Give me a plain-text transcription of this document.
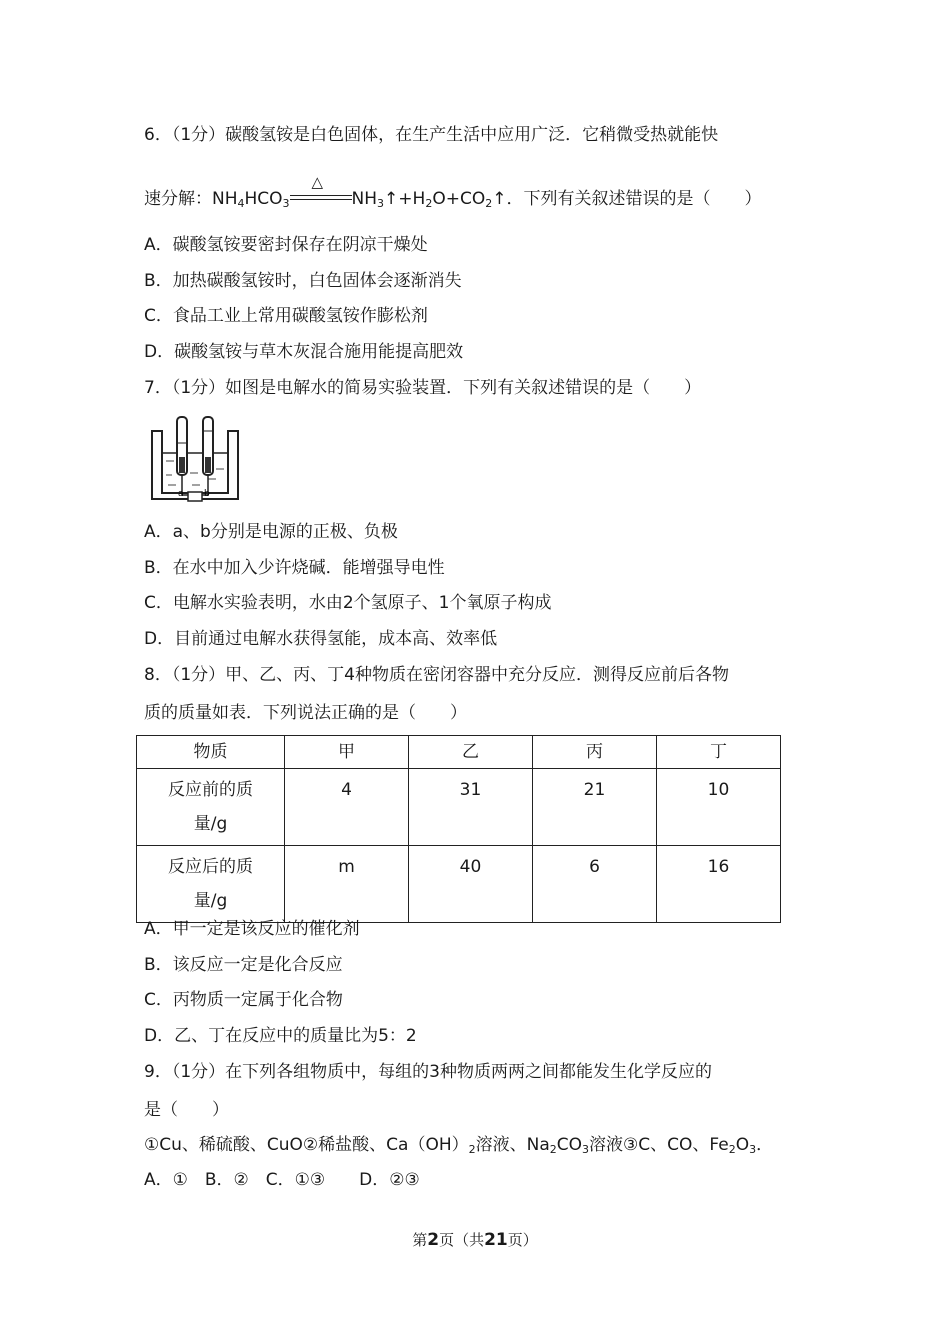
6．（1分）碳酸氢铵是白色固体，在生产生活中应用广泛．它稍微受热就能快
速分解：$NH_4HCO_3$
△
$NH_3↑+H_2O+CO_2↑$．下列有关叙述错误的是（　　）
A．碳酸氢铵要密封保存在阴凉干燥处
B．加热碳酸氢铵时，白色固体会逐渐消失
C．食品工业上常用碳酸氢铵作膨松剂
D．碳酸氢铵与草木灰混合施用能提高肥效
7．（1分）如图是电解水的简易实验装置．下列有关叙述错误的是（　　）
a b
A．a、b分别是电源的正极、负极
B．在水中加入少许烧碱．能增强导电性
C．电解水实验表明，水由2个氢原子、1个氧原子构成
D．目前通过电解水获得氢能，成本高、效率低
8．（1分）甲、乙、丙、丁4种物质在密闭容器中充分反应．测得反应前后各物
质的质量如表．下列说法正确的是（　　）
物质	甲	乙	丙	丁
反应前的质
量/g	4	31	21	10
反应后的质
量/g	m	40	6	16
A．甲一定是该反应的催化剂
B．该反应一定是化合反应
C．丙物质一定属于化合物
D．乙、丁在反应中的质量比为5：2
9．（1分）在下列各组物质中，每组的3种物质两两之间都能发生化学反应的
是（　　）
①Cu、稀硫酸、CuO②稀盐酸、$Ca(OH)_2$溶液、$Na_2CO_3$溶液③C、CO、$Fe_2O_3$．
A．①　B．②　C．①③　　D．②③
第2页（共21页）
